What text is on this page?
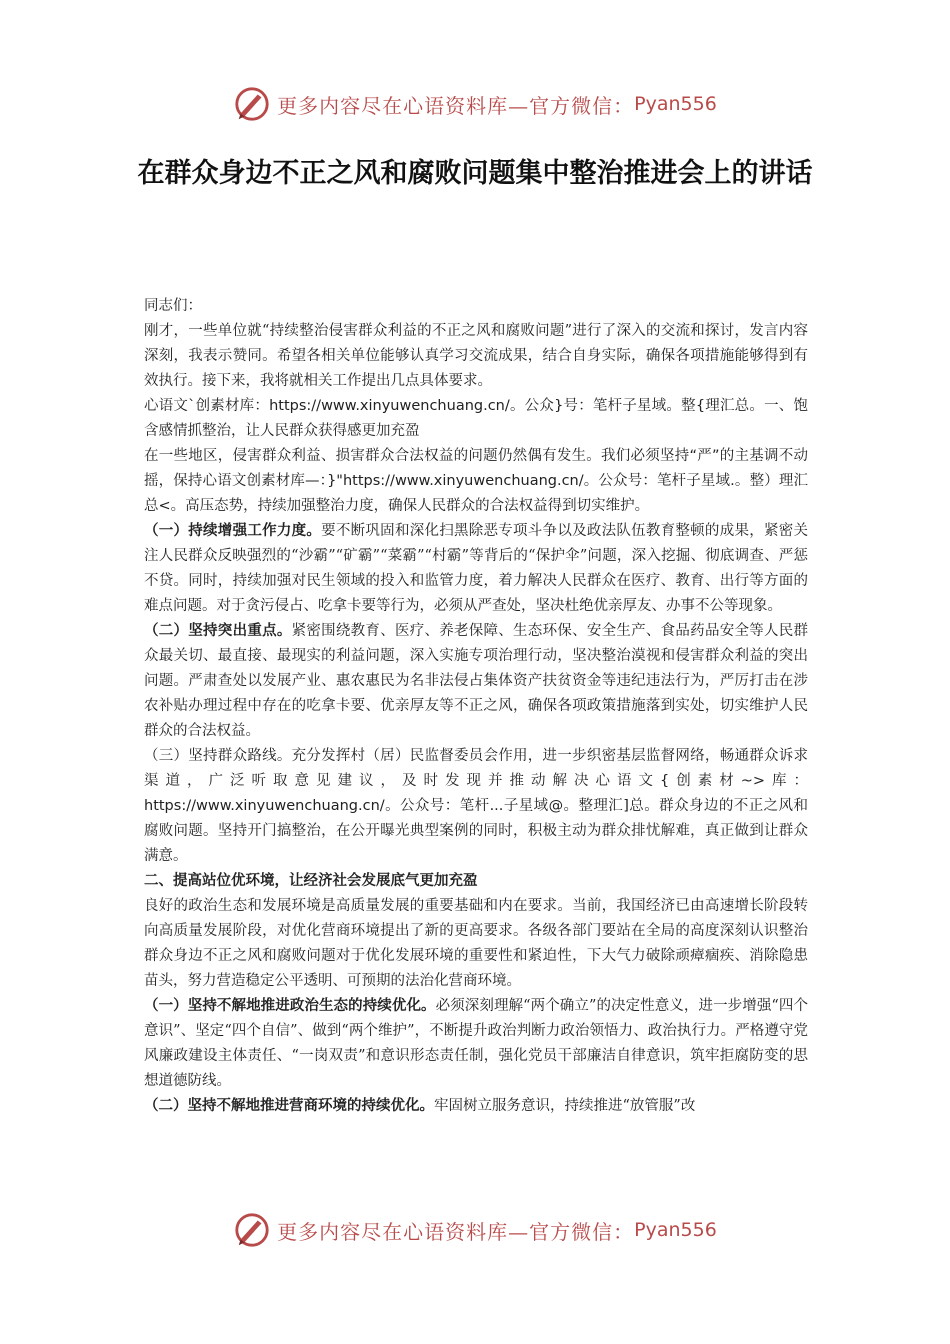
更多内容尽在心语资料库—官方微信： Pyan556
在群众身边不正之风和腐败问题集中整治推进会上的讲话

同志们：

刚才，一些单位就“持续整治侵害群众利益的不正之风和腐败问题”进行了深入的交流和探讨，发言内容深刻，我表示赞同。希望各相关单位能够认真学习交流成果，结合自身实际，确保各项措施能够得到有效执行。接下来，我将就相关工作提出几点具体要求。

心语文`创素材库：https://www.xinyuwenchuang.cn/。公众}号：笔杆子星域。整{理汇总。一、饱含感情抓整治，让人民群众获得感更加充盈

在一些地区，侵害群众利益、损害群众合法权益的问题仍然偶有发生。我们必须坚持“严”的主基调不动摇，保持心语文创素材库—：}"https://www.xinyuwenchuang.cn/。公众号：笔杆子星域.。整）理汇总<。高压态势，持续加强整治力度，确保人民群众的合法权益得到切实维护。

（一）持续增强工作力度。要不断巩固和深化扫黑除恶专项斗争以及政法队伍教育整顿的成果，紧密关注人民群众反映强烈的“沙霸”“矿霸”“菜霸”“村霸”等背后的“保护伞”问题，深入挖掘、彻底调查、严惩不贷。同时，持续加强对民生领域的投入和监管力度，着力解决人民群众在医疗、教育、出行等方面的难点问题。对于贪污侵占、吃拿卡要等行为，必须从严查处，坚决杜绝优亲厚友、办事不公等现象。

（二）坚持突出重点。紧密围绕教育、医疗、养老保障、生态环保、安全生产、食品药品安全等人民群众最关切、最直接、最现实的利益问题，深入实施专项治理行动，坚决整治漠视和侵害群众利益的突出问题。严肃查处以发展产业、惠农惠民为名非法侵占集体资产扶贫资金等违纪违法行为，严厉打击在涉农补贴办理过程中存在的吃拿卡要、优亲厚友等不正之风，确保各项政策措施落到实处，切实维护人民群众的合法权益。

（三）坚持群众路线。充分发挥村（居）民监督委员会作用，进一步织密基层监督网络，畅通群众诉求渠道，广泛听取意见建议，及时发现并推动解决心语文{创素材~>库：https://www.xinyuwenchuang.cn/。公众号：笔杆...子星域@。整理汇]总。群众身边的不正之风和腐败问题。坚持开门搞整治，在公开曝光典型案例的同时，积极主动为群众排忧解难，真正做到让群众满意。

二、提高站位优环境，让经济社会发展底气更加充盈

良好的政治生态和发展环境是高质量发展的重要基础和内在要求。当前，我国经济已由高速增长阶段转向高质量发展阶段，对优化营商环境提出了新的更高要求。各级各部门要站在全局的高度深刻认识整治群众身边不正之风和腐败问题对于优化发展环境的重要性和紧迫性，下大气力破除顽瘴痼疾、消除隐患苗头，努力营造稳定公平透明、可预期的法治化营商环境。

（一）坚持不解地推进政治生态的持续优化。必须深刻理解“两个确立”的决定性意义，进一步增强“四个意识”、坚定“四个自信”、做到“两个维护”，不断提升政治判断力政治领悟力、政治执行力。严格遵守党风廉政建设主体责任、“一岗双责”和意识形态责任制，强化党员干部廉洁自律意识，筑牢拒腐防变的思想道德防线。

（二）坚持不解地推进营商环境的持续优化。牢固树立服务意识，持续推进“放管服”改

更多内容尽在心语资料库—官方微信： Pyan556
